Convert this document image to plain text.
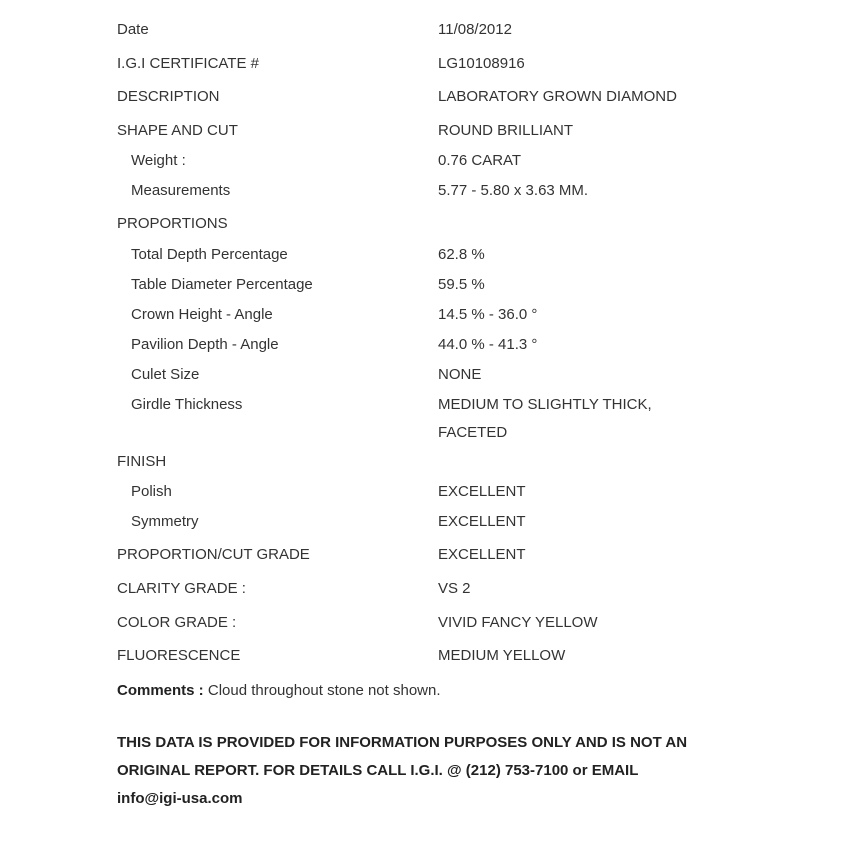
Date	11/08/2012
I.G.I CERTIFICATE #	LG10108916
DESCRIPTION	LABORATORY GROWN DIAMOND
SHAPE AND CUT	ROUND BRILLIANT
Weight :	0.76 CARAT
Measurements	5.77 - 5.80 x 3.63 MM.
PROPORTIONS
Total Depth Percentage	62.8 %
Table Diameter Percentage	59.5 %
Crown Height - Angle	14.5 % - 36.0 °
Pavilion Depth - Angle	44.0 % - 41.3 °
Culet Size	NONE
Girdle Thickness	MEDIUM TO SLIGHTLY THICK,
FACETED
FINISH
Polish	EXCELLENT
Symmetry	EXCELLENT
PROPORTION/CUT GRADE	EXCELLENT
CLARITY GRADE :	VS 2
COLOR GRADE :	VIVID FANCY YELLOW
FLUORESCENCE	MEDIUM YELLOW
Comments : Cloud throughout stone not shown.
THIS DATA IS PROVIDED FOR INFORMATION PURPOSES ONLY AND IS NOT AN
ORIGINAL REPORT. FOR DETAILS CALL I.G.I. @ (212) 753-7100 or EMAIL
info@igi-usa.com
